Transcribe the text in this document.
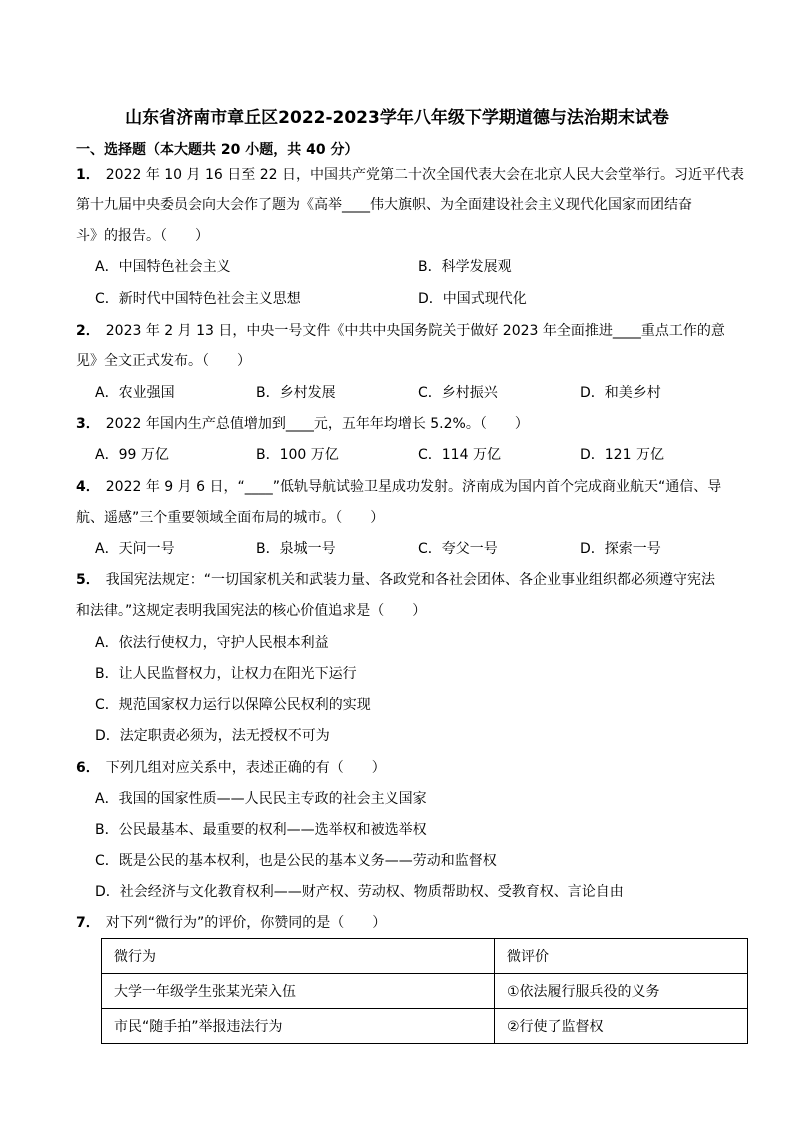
山东省济南市章丘区2022-2023学年八年级下学期道德与法治期末试卷
一、选择题（本大题共 20 小题，共 40 分）
1． 2022 年 10 月 16 日至 22 日，中国共产党第二十次全国代表大会在北京人民大会堂举行。习近平代表
第十九届中央委员会向大会作了题为《高举____伟大旗帜、为全面建设社会主义现代化国家而团结奋
斗》的报告。（　　）
A．中国特色社会主义	B．科学发展观
C．新时代中国特色社会主义思想	D．中国式现代化
2． 2023 年 2 月 13 日，中央一号文件《中共中央国务院关于做好 2023 年全面推进____重点工作的意
见》全文正式发布。（　　）
A．农业强国	B．乡村发展	C．乡村振兴	D．和美乡村
3． 2022 年国内生产总值增加到____元，五年年均增长 5.2%。（　　）
A．99 万亿	B．100 万亿	C．114 万亿	D．121 万亿
4． 2022 年 9 月 6 日，“____”低轨导航试验卫星成功发射。济南成为国内首个完成商业航天“通信、导
航、遥感”三个重要领域全面布局的城市。（　　）
A．天问一号	B．泉城一号	C．夸父一号	D．探索一号
5． 我国宪法规定：“一切国家机关和武装力量、各政党和各社会团体、各企业事业组织都必须遵守宪法
和法律。”这规定表明我国宪法的核心价值追求是（　　）
A．依法行使权力，守护人民根本利益
B．让人民监督权力，让权力在阳光下运行
C．规范国家权力运行以保障公民权利的实现
D．法定职责必须为，法无授权不可为
6． 下列几组对应关系中，表述正确的有（　　）
A．我国的国家性质——人民民主专政的社会主义国家
B．公民最基本、最重要的权利——选举权和被选举权
C．既是公民的基本权利，也是公民的基本义务——劳动和监督权
D．社会经济与文化教育权利——财产权、劳动权、物质帮助权、受教育权、言论自由
7． 对下列“微行为”的评价，你赞同的是（　　）
微行为	微评价
大学一年级学生张某光荣入伍	①依法履行服兵役的义务
市民“随手拍”举报违法行为	②行使了监督权
